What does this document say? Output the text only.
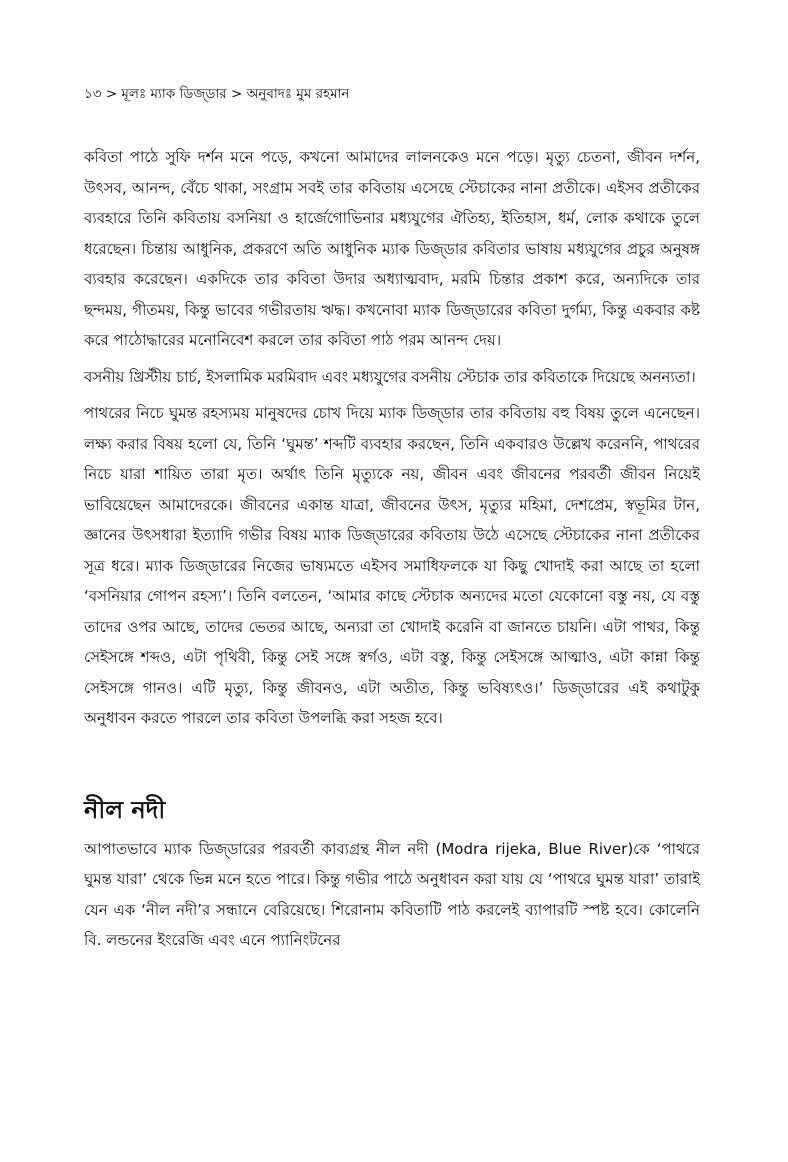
১৩ > মূলঃ ম্যাক ডিজ্ডার > অনুবাদঃ মুম রহমান

কবিতা পাঠে সুফি দর্শন মনে পড়ে, কখনো আমাদের লালনকেও মনে পড়ে। মৃত্যু চেতনা, জীবন দর্শন, উৎসব, আনন্দ, বেঁচে থাকা, সংগ্রাম সবই তার কবিতায় এসেছে স্টেচাকের নানা প্রতীকে। এইসব প্রতীকের ব্যবহারে তিনি কবিতায় বসনিয়া ও হার্জেগোভিনার মধ্যযুগের ঐতিহ্য, ইতিহাস, ধর্ম, লোক কথাকে তুলে ধরেছেন। চিন্তায় আধুনিক, প্রকরণে অতি আধুনিক ম্যাক ডিজ্ডার কবিতার ভাষায় মধ্যযুগের প্রচুর অনুষঙ্গ ব্যবহার করেছেন। একদিকে তার কবিতা উদার অধ্যাত্মবাদ, মরমি চিন্তার প্রকাশ করে, অন্যদিকে তার ছন্দময়, গীতময়, কিন্তু ভাবের গভীরতায় ঋদ্ধ। কখনোবা ম্যাক ডিজ্ডারের কবিতা দুর্গম্য, কিন্তু একবার কষ্ট করে পাঠোদ্ধারের মনোনিবেশ করলে তার কবিতা পাঠ পরম আনন্দ দেয়।

বসনীয় খ্রিস্টীয় চার্চ, ইসলামিক মরমিবাদ এবং মধ্যযুগের বসনীয় স্টেচাক তার কবিতাকে দিয়েছে অনন্যতা।

পাথরের নিচে ঘুমন্ত রহস্যময় মানুষদের চোখ দিয়ে ম্যাক ডিজ্ডার তার কবিতায় বহু বিষয় তুলে এনেছেন। লক্ষ্য করার বিষয় হলো যে, তিনি ‘ঘুমন্ত’ শব্দটি ব্যবহার করছেন, তিনি একবারও উল্লেখ করেননি, পাথরের নিচে যারা শায়িত তারা মৃত। অর্থাৎ তিনি মৃত্যুকে নয়, জীবন এবং জীবনের পরবর্তী জীবন নিয়েই ভাবিয়েছেন আমাদেরকে। জীবনের একান্ত যাত্রা, জীবনের উৎস, মৃত্যুর মহিমা, দেশপ্রেম, স্বভূমির টান, জ্ঞানের উৎসধারা ইত্যাদি গভীর বিষয় ম্যাক ডিজ্ডারের কবিতায় উঠে এসেছে স্টেচাকের নানা প্রতীকের সূত্র ধরে। ম্যাক ডিজ্ডারের নিজের ভাষ্যমতে এইসব সমাধিফলকে যা কিছু খোদাই করা আছে তা হলো ‘বসনিয়ার গোপন রহস্য’। তিনি বলতেন, ‘আমার কাছে স্টেচাক অন্যদের মতো যেকোনো বস্তু নয়, যে বস্তু তাদের ওপর আছে, তাদের ভেতর আছে, অন্যরা তা খোদাই করেনি বা জানতে চায়নি। এটা পাথর, কিন্তু সেইসঙ্গে শব্দও, এটা পৃথিবী, কিন্তু সেই সঙ্গে স্বর্গও, এটা বস্তু, কিন্তু সেইসঙ্গে আত্মাও, এটা কান্না কিন্তু সেইসঙ্গে গানও। এটি মৃত্যু, কিন্তু জীবনও, এটা অতীত, কিন্তু ভবিষ্যৎও।’ ডিজ্ডারের এই কথাটুকু অনুধাবন করতে পারলে তার কবিতা উপলব্ধি করা সহজ হবে।

নীল নদী

আপাতভাবে ম্যাক ডিজ্ডারের পরবর্তী কাব্যগ্রন্থ নীল নদী (Modra rijeka, Blue River)কে ‘পাথরে ঘুমন্ত যারা’ থেকে ভিন্ন মনে হতে পারে। কিন্তু গভীর পাঠে অনুধাবন করা যায় যে ‘পাথরে ঘুমন্ত যারা’ তারাই যেন এক ‘নীল নদী’র সন্ধানে বেরিয়েছে। শিরোনাম কবিতাটি পাঠ করলেই ব্যাপারটি স্পষ্ট হবে। কোলেনি বি. লন্ডনের ইংরেজি এবং এনে প্যানিংটনের
